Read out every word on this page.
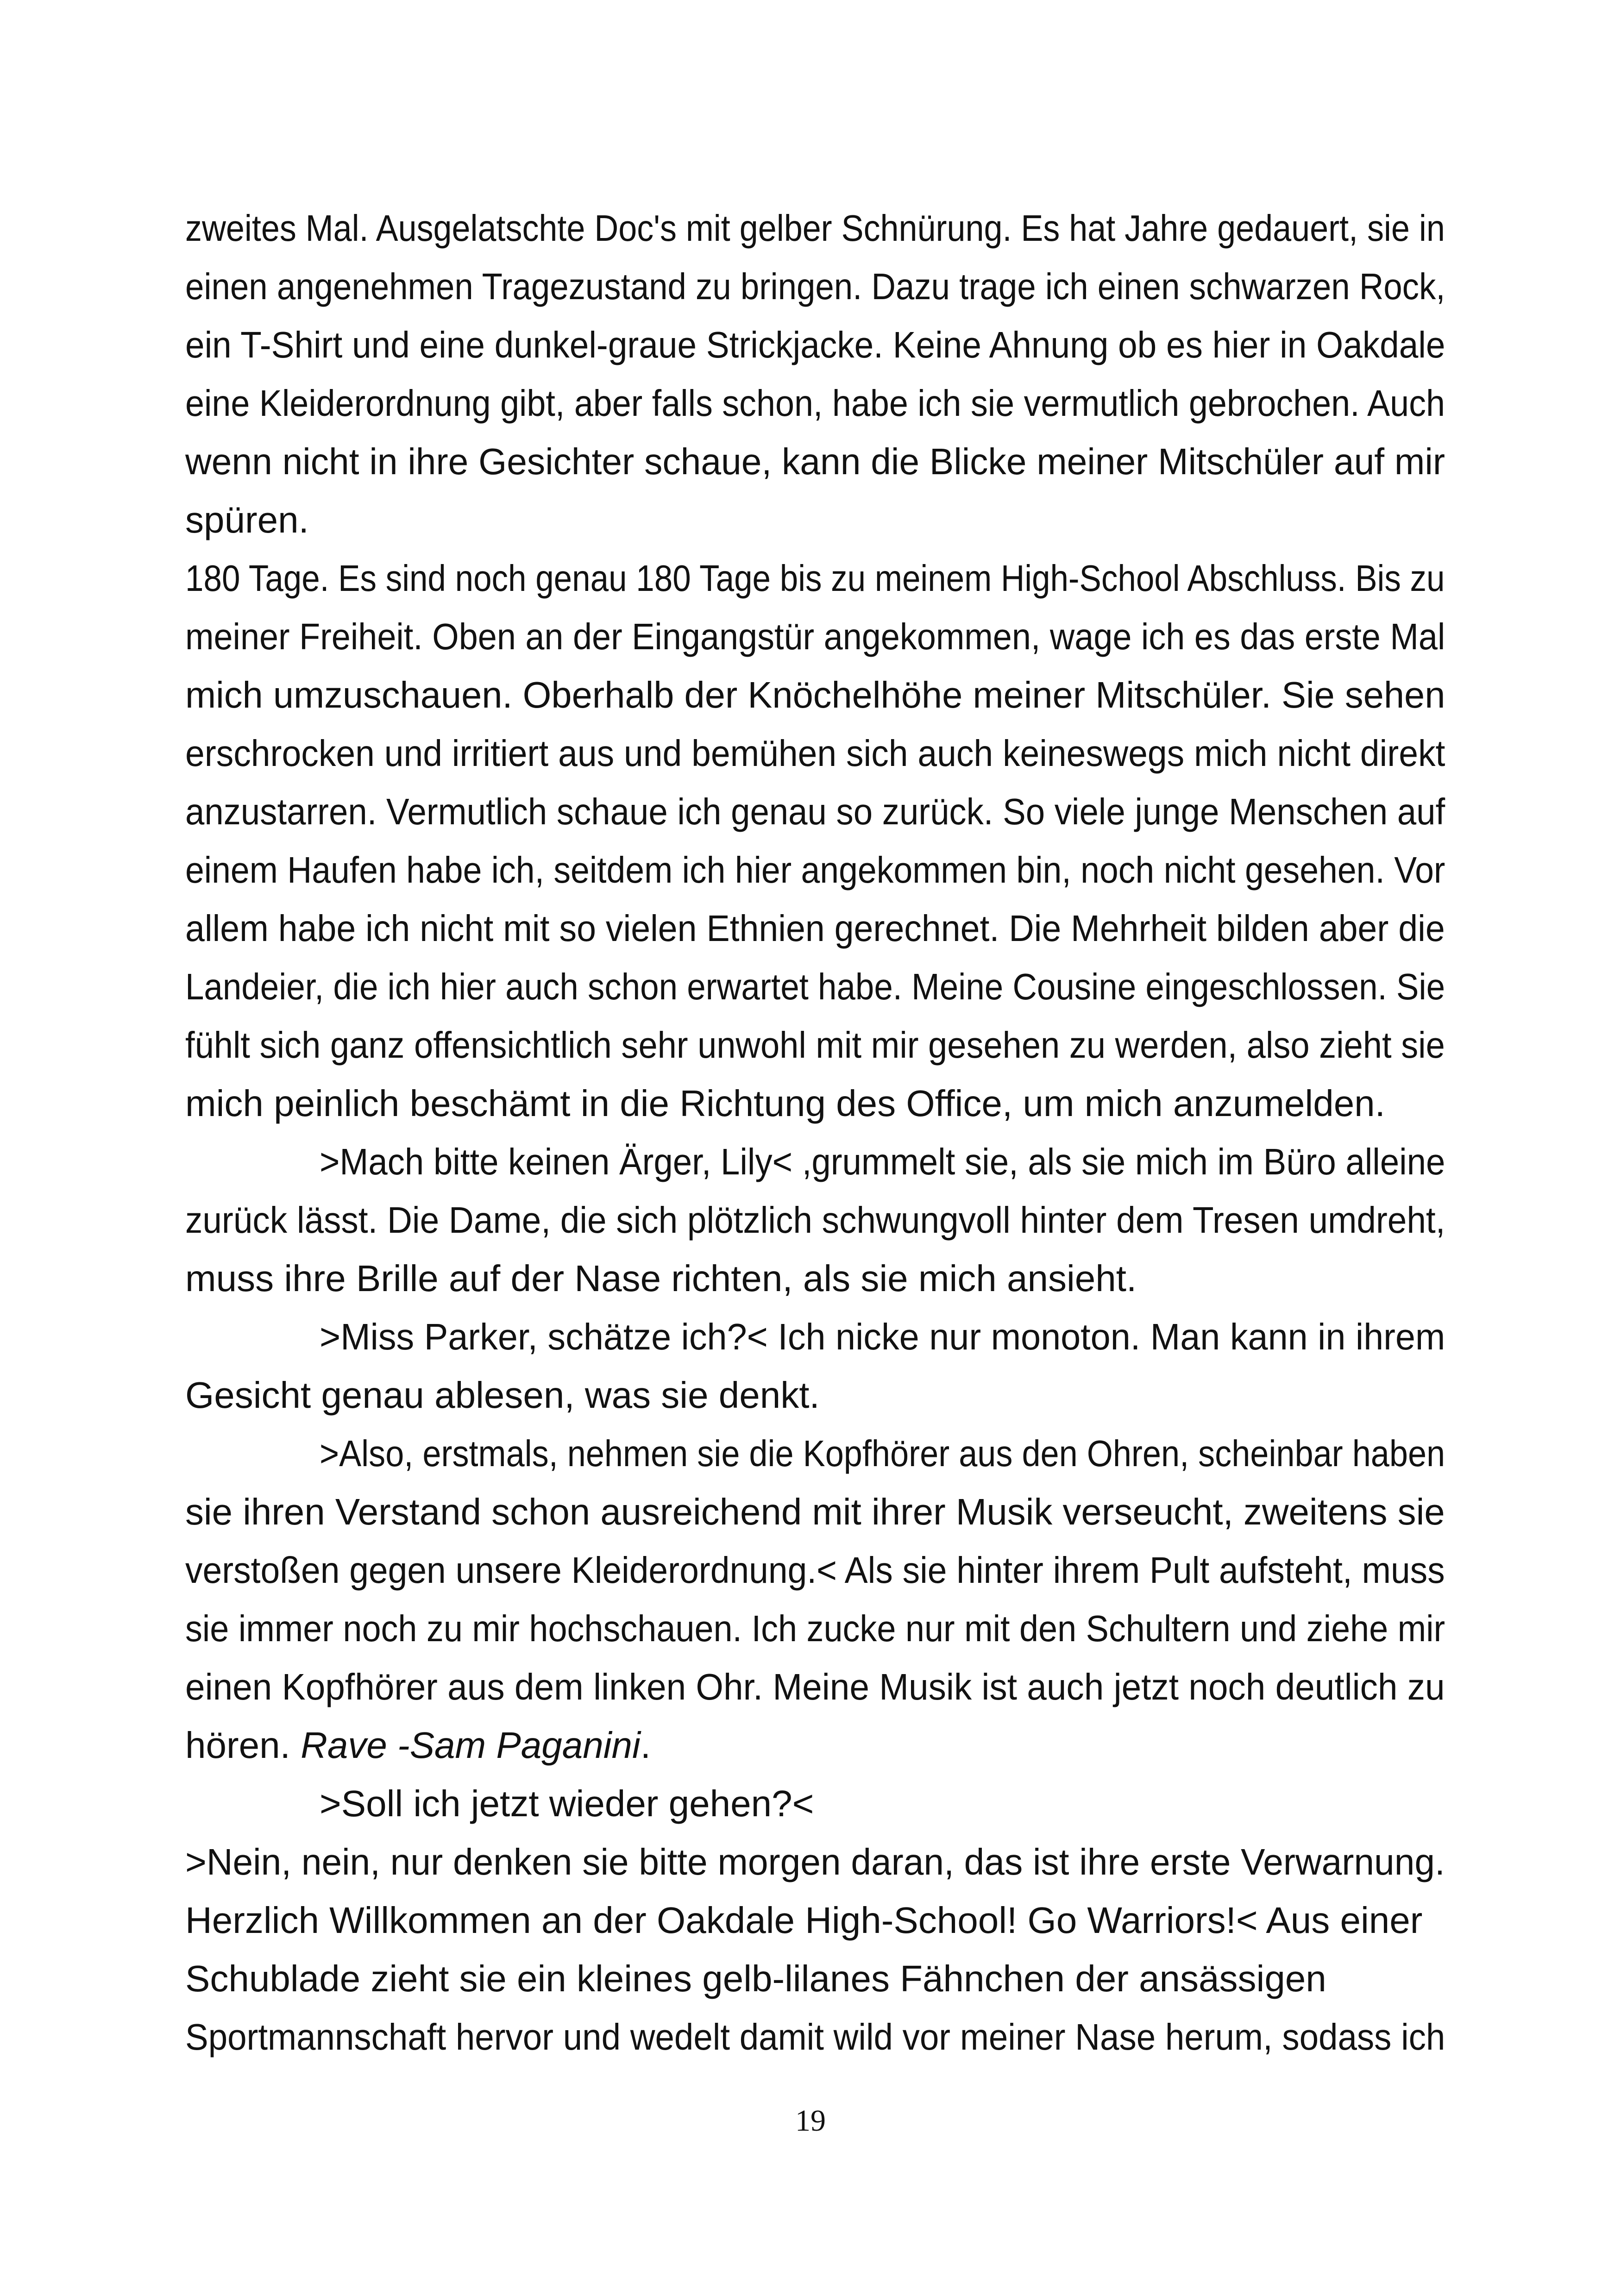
zweites Mal. Ausgelatschte Doc's mit gelber Schnürung. Es hat Jahre gedauert, sie in
einen angenehmen Tragezustand zu bringen. Dazu trage ich einen schwarzen Rock,
ein T-Shirt und eine dunkel-graue Strickjacke. Keine Ahnung ob es hier in Oakdale
eine Kleiderordnung gibt, aber falls schon, habe ich sie vermutlich gebrochen. Auch
wenn nicht in ihre Gesichter schaue, kann die Blicke meiner Mitschüler auf mir
spüren.
180 Tage. Es sind noch genau 180 Tage bis zu meinem High-School Abschluss. Bis zu
meiner Freiheit. Oben an der Eingangstür angekommen, wage ich es das erste Mal
mich umzuschauen. Oberhalb der Knöchelhöhe meiner Mitschüler. Sie sehen
erschrocken und irritiert aus und bemühen sich auch keineswegs mich nicht direkt
anzustarren. Vermutlich schaue ich genau so zurück. So viele junge Menschen auf
einem Haufen habe ich, seitdem ich hier angekommen bin, noch nicht gesehen. Vor
allem habe ich nicht mit so vielen Ethnien gerechnet. Die Mehrheit bilden aber die
Landeier, die ich hier auch schon erwartet habe. Meine Cousine eingeschlossen. Sie
fühlt sich ganz offensichtlich sehr unwohl mit mir gesehen zu werden, also zieht sie
mich peinlich beschämt in die Richtung des Office, um mich anzumelden.
>Mach bitte keinen Ärger, Lily< ,grummelt sie, als sie mich im Büro alleine
zurück lässt. Die Dame, die sich plötzlich schwungvoll hinter dem Tresen umdreht,
muss ihre Brille auf der Nase richten, als sie mich ansieht.
>Miss Parker, schätze ich?< Ich nicke nur monoton. Man kann in ihrem
Gesicht genau ablesen, was sie denkt.
>Also, erstmals, nehmen sie die Kopfhörer aus den Ohren, scheinbar haben
sie ihren Verstand schon ausreichend mit ihrer Musik verseucht, zweitens sie
verstoßen gegen unsere Kleiderordnung.< Als sie hinter ihrem Pult aufsteht, muss
sie immer noch zu mir hochschauen. Ich zucke nur mit den Schultern und ziehe mir
einen Kopfhörer aus dem linken Ohr. Meine Musik ist auch jetzt noch deutlich zu
hören. Rave -Sam Paganini.
>Soll ich jetzt wieder gehen?<
>Nein, nein, nur denken sie bitte morgen daran, das ist ihre erste Verwarnung.
Herzlich Willkommen an der Oakdale High-School! Go Warriors!< Aus einer
Schublade zieht sie ein kleines gelb-lilanes Fähnchen der ansässigen
Sportmannschaft hervor und wedelt damit wild vor meiner Nase herum, sodass ich
19
